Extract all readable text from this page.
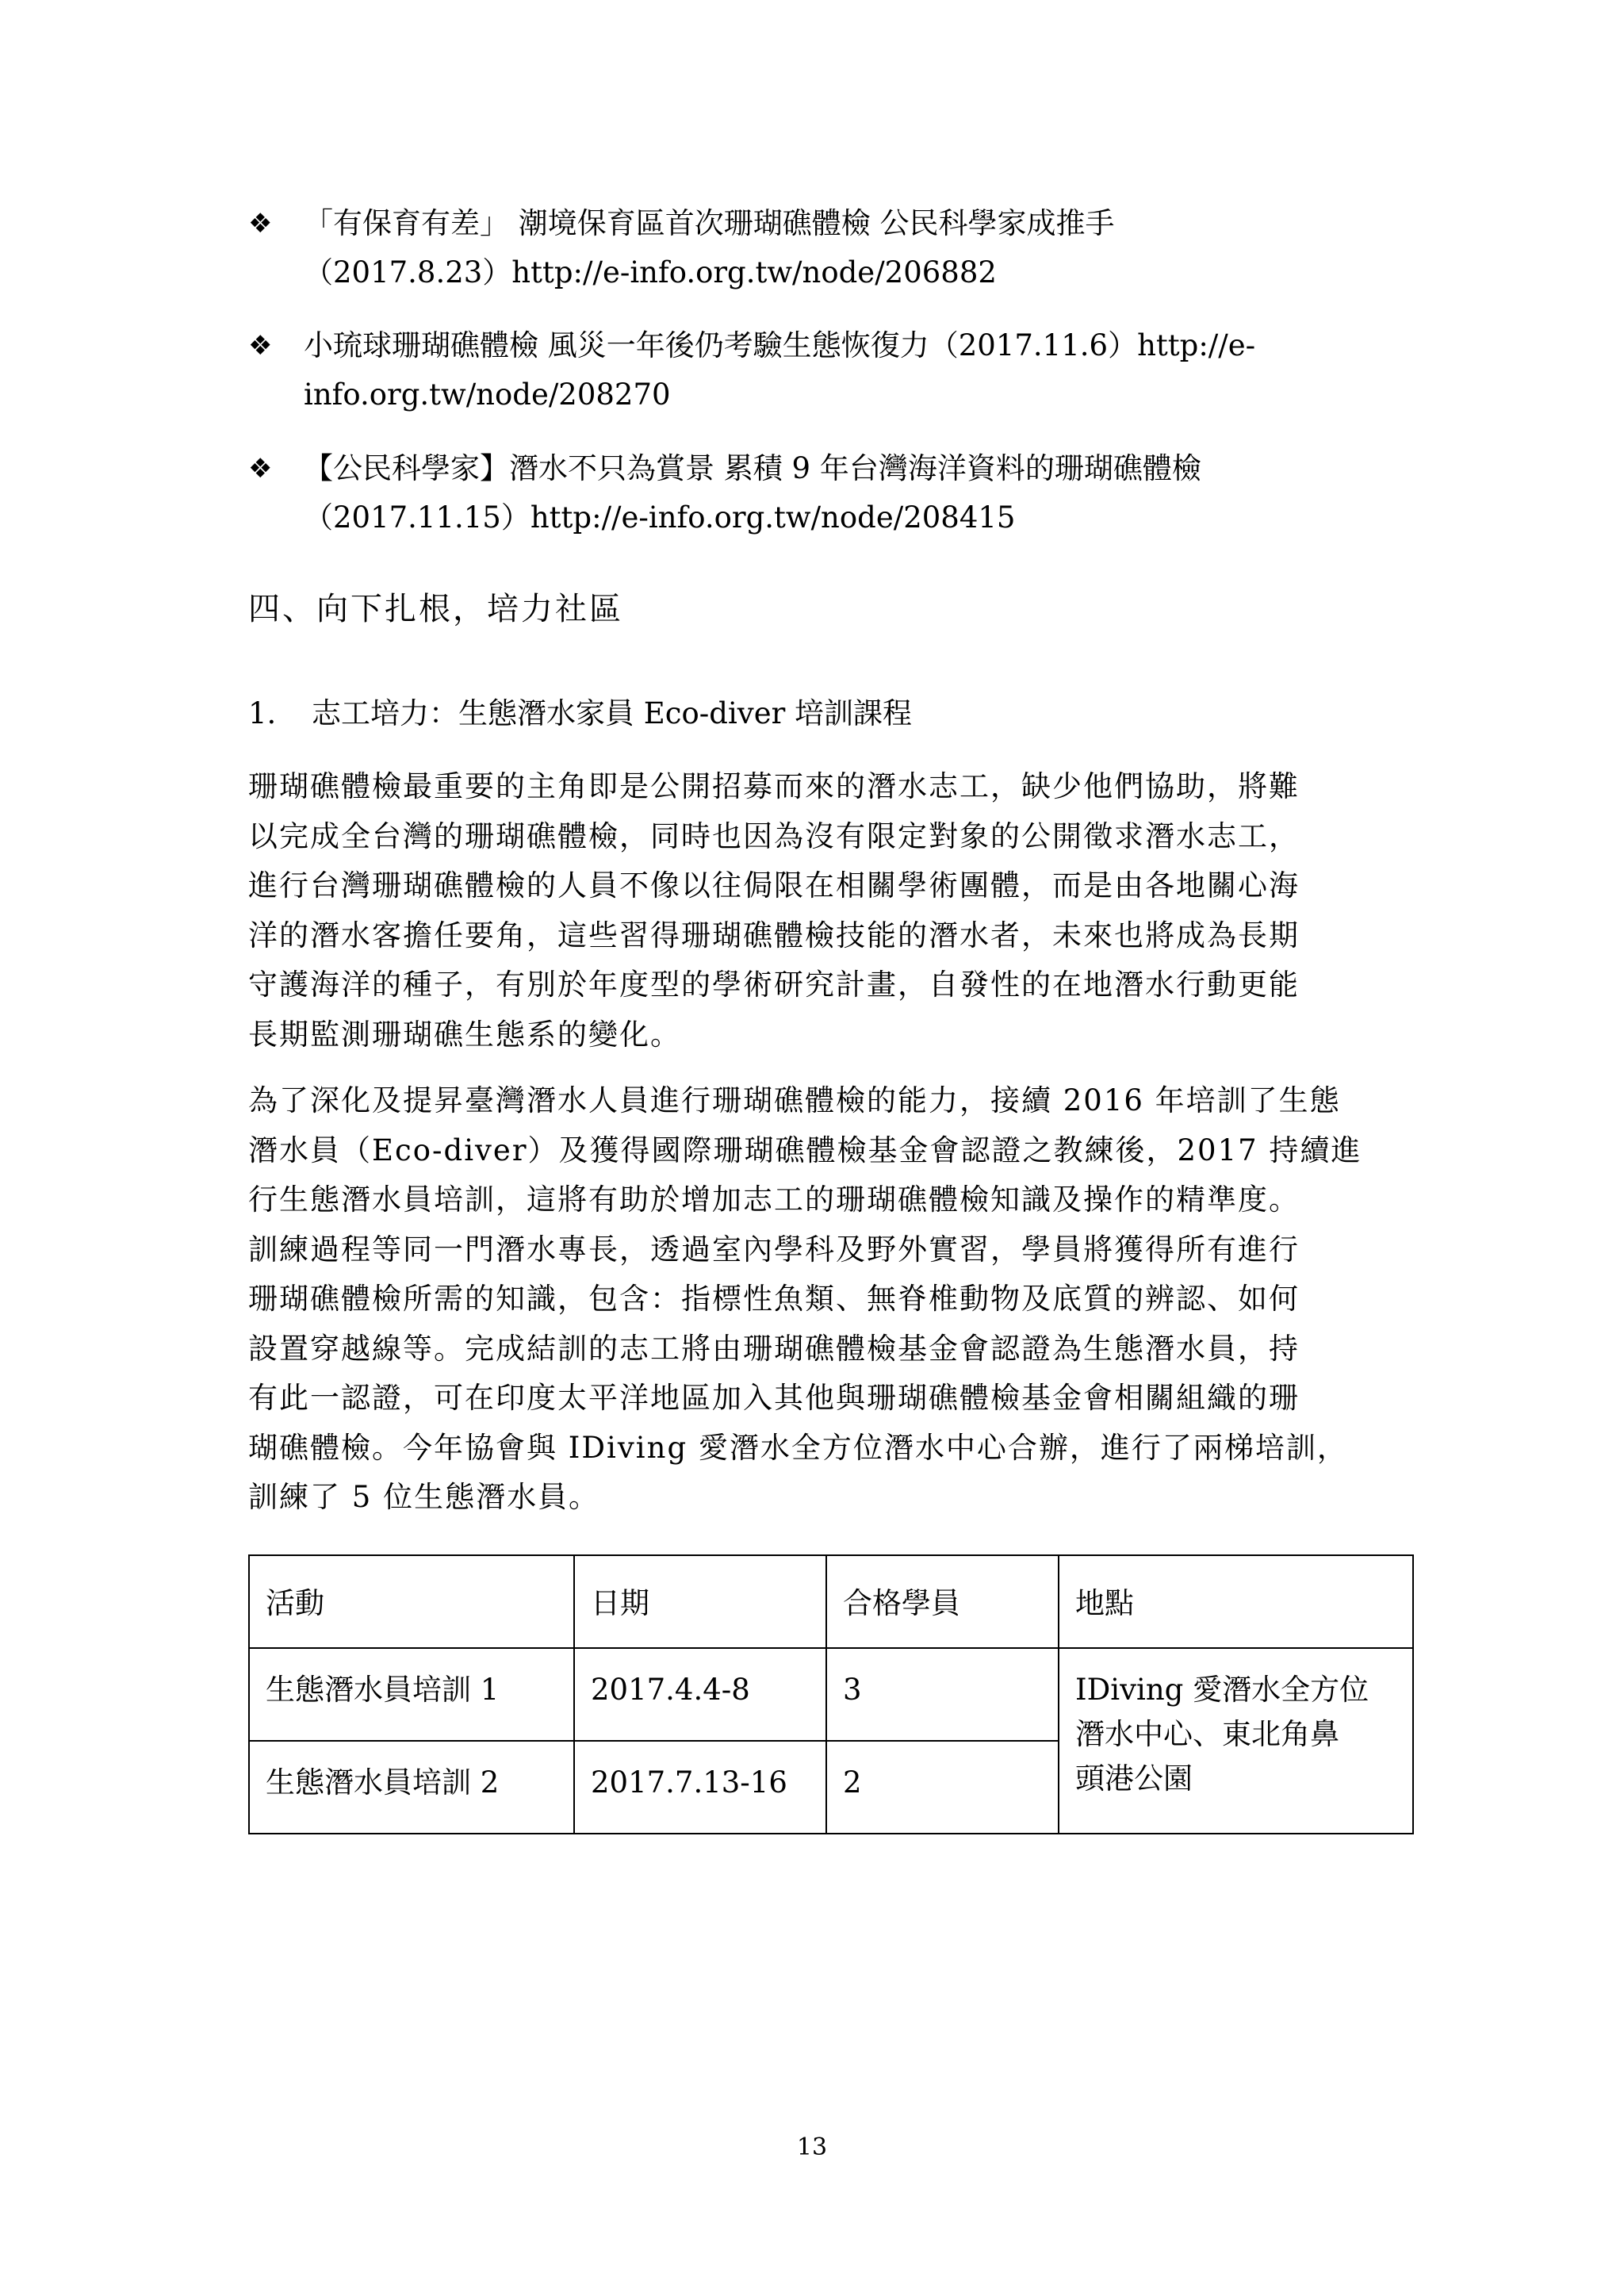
❖ 「有保育有差」 潮境保育區首次珊瑚礁體檢 公民科學家成推手
（2017.8.23）http://e-info.org.tw/node/206882
❖ 小琉球珊瑚礁體檢 風災一年後仍考驗生態恢復力（2017.11.6）http://e-
info.org.tw/node/208270
❖ 【公民科學家】潛水不只為賞景 累積 9 年台灣海洋資料的珊瑚礁體檢
（2017.11.15）http://e-info.org.tw/node/208415
四、向下扎根，培力社區
1. 志工培力：生態潛水家員 Eco-diver 培訓課程
珊瑚礁體檢最重要的主角即是公開招募而來的潛水志工，缺少他們協助，將難
以完成全台灣的珊瑚礁體檢，同時也因為沒有限定對象的公開徵求潛水志工，
進行台灣珊瑚礁體檢的人員不像以往侷限在相關學術團體，而是由各地關心海
洋的潛水客擔任要角，這些習得珊瑚礁體檢技能的潛水者，未來也將成為長期
守護海洋的種子，有別於年度型的學術研究計畫，自發性的在地潛水行動更能
長期監測珊瑚礁生態系的變化。
為了深化及提昇臺灣潛水人員進行珊瑚礁體檢的能力，接續 2016 年培訓了生態
潛水員（Eco-diver）及獲得國際珊瑚礁體檢基金會認證之教練後，2017 持續進
行生態潛水員培訓，這將有助於增加志工的珊瑚礁體檢知識及操作的精準度。
訓練過程等同一門潛水專長，透過室內學科及野外實習，學員將獲得所有進行
珊瑚礁體檢所需的知識，包含：指標性魚類、無脊椎動物及底質的辨認、如何
設置穿越線等。完成結訓的志工將由珊瑚礁體檢基金會認證為生態潛水員，持
有此一認證，可在印度太平洋地區加入其他與珊瑚礁體檢基金會相關組織的珊
瑚礁體檢。今年協會與 IDiving 愛潛水全方位潛水中心合辦，進行了兩梯培訓，
訓練了 5 位生態潛水員。
活動	日期	合格學員	地點
生態潛水員培訓 1	2017.4.4-8	3	IDiving 愛潛水全方位
潛水中心、東北角鼻
頭港公園

生態潛水員培訓 2	2017.7.13-16	2	
13
